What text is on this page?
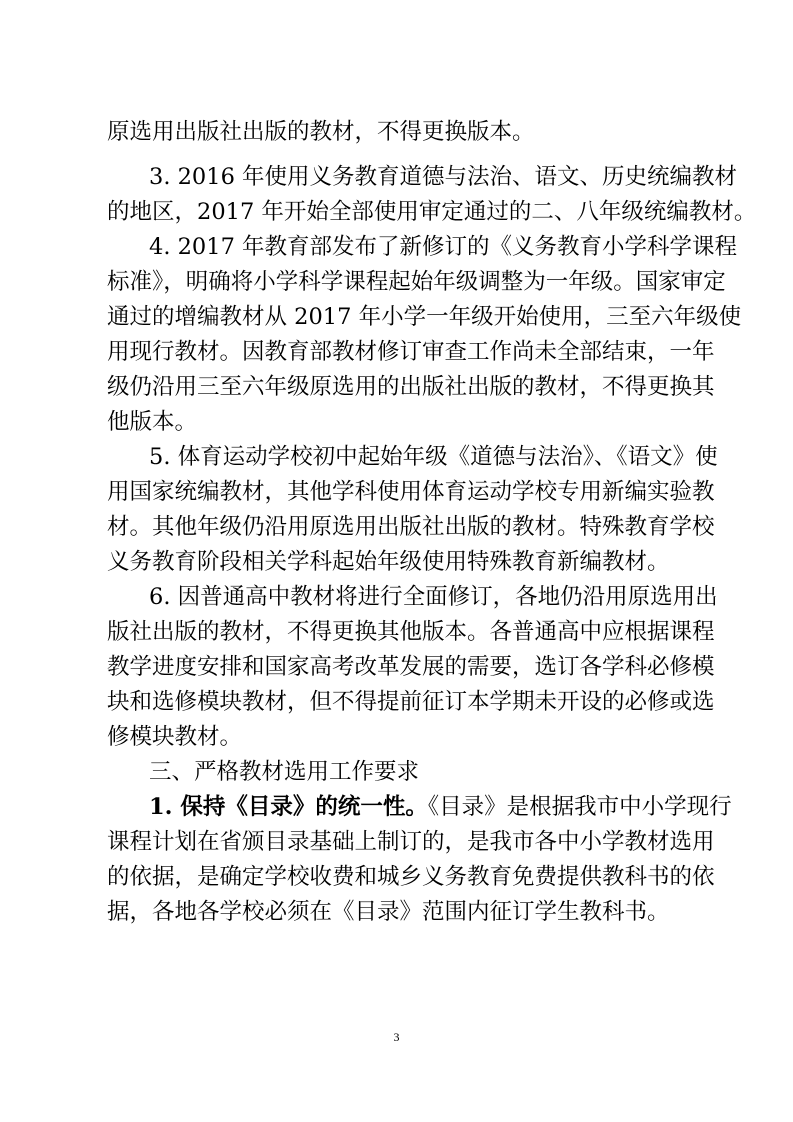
原选用出版社出版的教材，不得更换版本。
3. 2016 年使用义务教育道德与法治、语文、历史统编教材
的地区，2017 年开始全部使用审定通过的二、八年级统编教材。
4. 2017 年教育部发布了新修订的《义务教育小学科学课程
标准》，明确将小学科学课程起始年级调整为一年级。国家审定
通过的增编教材从 2017 年小学一年级开始使用，三至六年级使
用现行教材。因教育部教材修订审查工作尚未全部结束，一年
级仍沿用三至六年级原选用的出版社出版的教材，不得更换其
他版本。
5. 体育运动学校初中起始年级《道德与法治》、《语文》使
用国家统编教材，其他学科使用体育运动学校专用新编实验教
材。其他年级仍沿用原选用出版社出版的教材。特殊教育学校
义务教育阶段相关学科起始年级使用特殊教育新编教材。
6. 因普通高中教材将进行全面修订，各地仍沿用原选用出
版社出版的教材，不得更换其他版本。各普通高中应根据课程
教学进度安排和国家高考改革发展的需要，选订各学科必修模
块和选修模块教材，但不得提前征订本学期未开设的必修或选
修模块教材。
三、严格教材选用工作要求
1. 保持《目录》的统一性。《目录》是根据我市中小学现行
课程计划在省颁目录基础上制订的，是我市各中小学教材选用
的依据，是确定学校收费和城乡义务教育免费提供教科书的依
据，各地各学校必须在《目录》范围内征订学生教科书。
3
